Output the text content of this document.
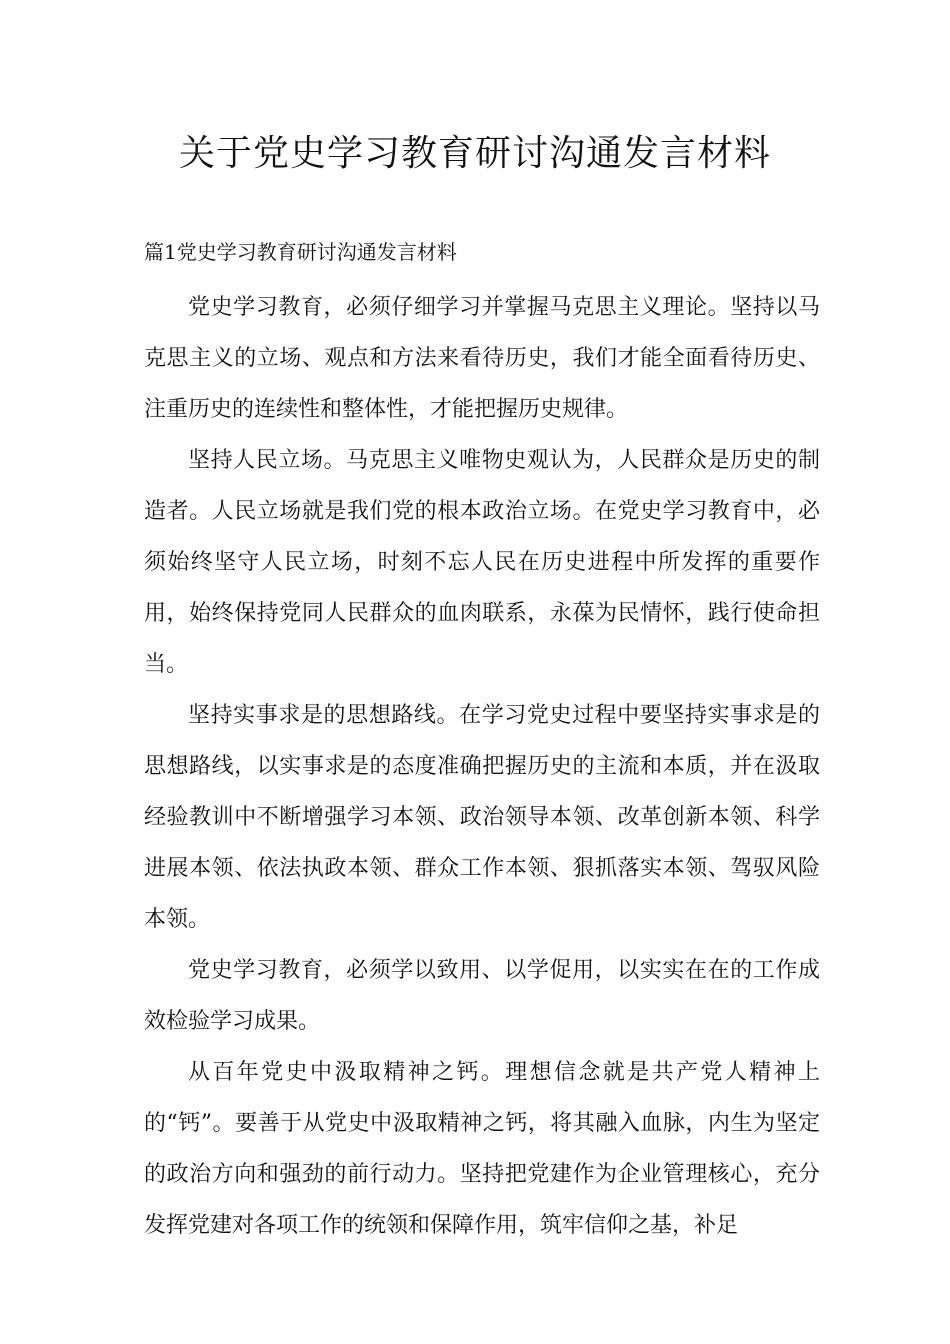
关于党史学习教育研讨沟通发言材料
篇1党史学习教育研讨沟通发言材料

党史学习教育，必须仔细学习并掌握马克思主义理论。坚持以马克思主义的立场、观点和方法来看待历史，我们才能全面看待历史、注重历史的连续性和整体性，才能把握历史规律。

坚持人民立场。马克思主义唯物史观认为，人民群众是历史的制造者。人民立场就是我们党的根本政治立场。在党史学习教育中，必须始终坚守人民立场，时刻不忘人民在历史进程中所发挥的重要作用，始终保持党同人民群众的血肉联系，永葆为民情怀，践行使命担当。

坚持实事求是的思想路线。在学习党史过程中要坚持实事求是的思想路线，以实事求是的态度准确把握历史的主流和本质，并在汲取经验教训中不断增强学习本领、政治领导本领、改革创新本领、科学进展本领、依法执政本领、群众工作本领、狠抓落实本领、驾驭风险本领。

党史学习教育，必须学以致用、以学促用，以实实在在的工作成效检验学习成果。

从百年党史中汲取精神之钙。理想信念就是共产党人精神上的“钙”。要善于从党史中汲取精神之钙，将其融入血脉，内生为坚定的政治方向和强劲的前行动力。坚持把党建作为企业管理核心，充分发挥党建对各项工作的统领和保障作用，筑牢信仰之基，补足
